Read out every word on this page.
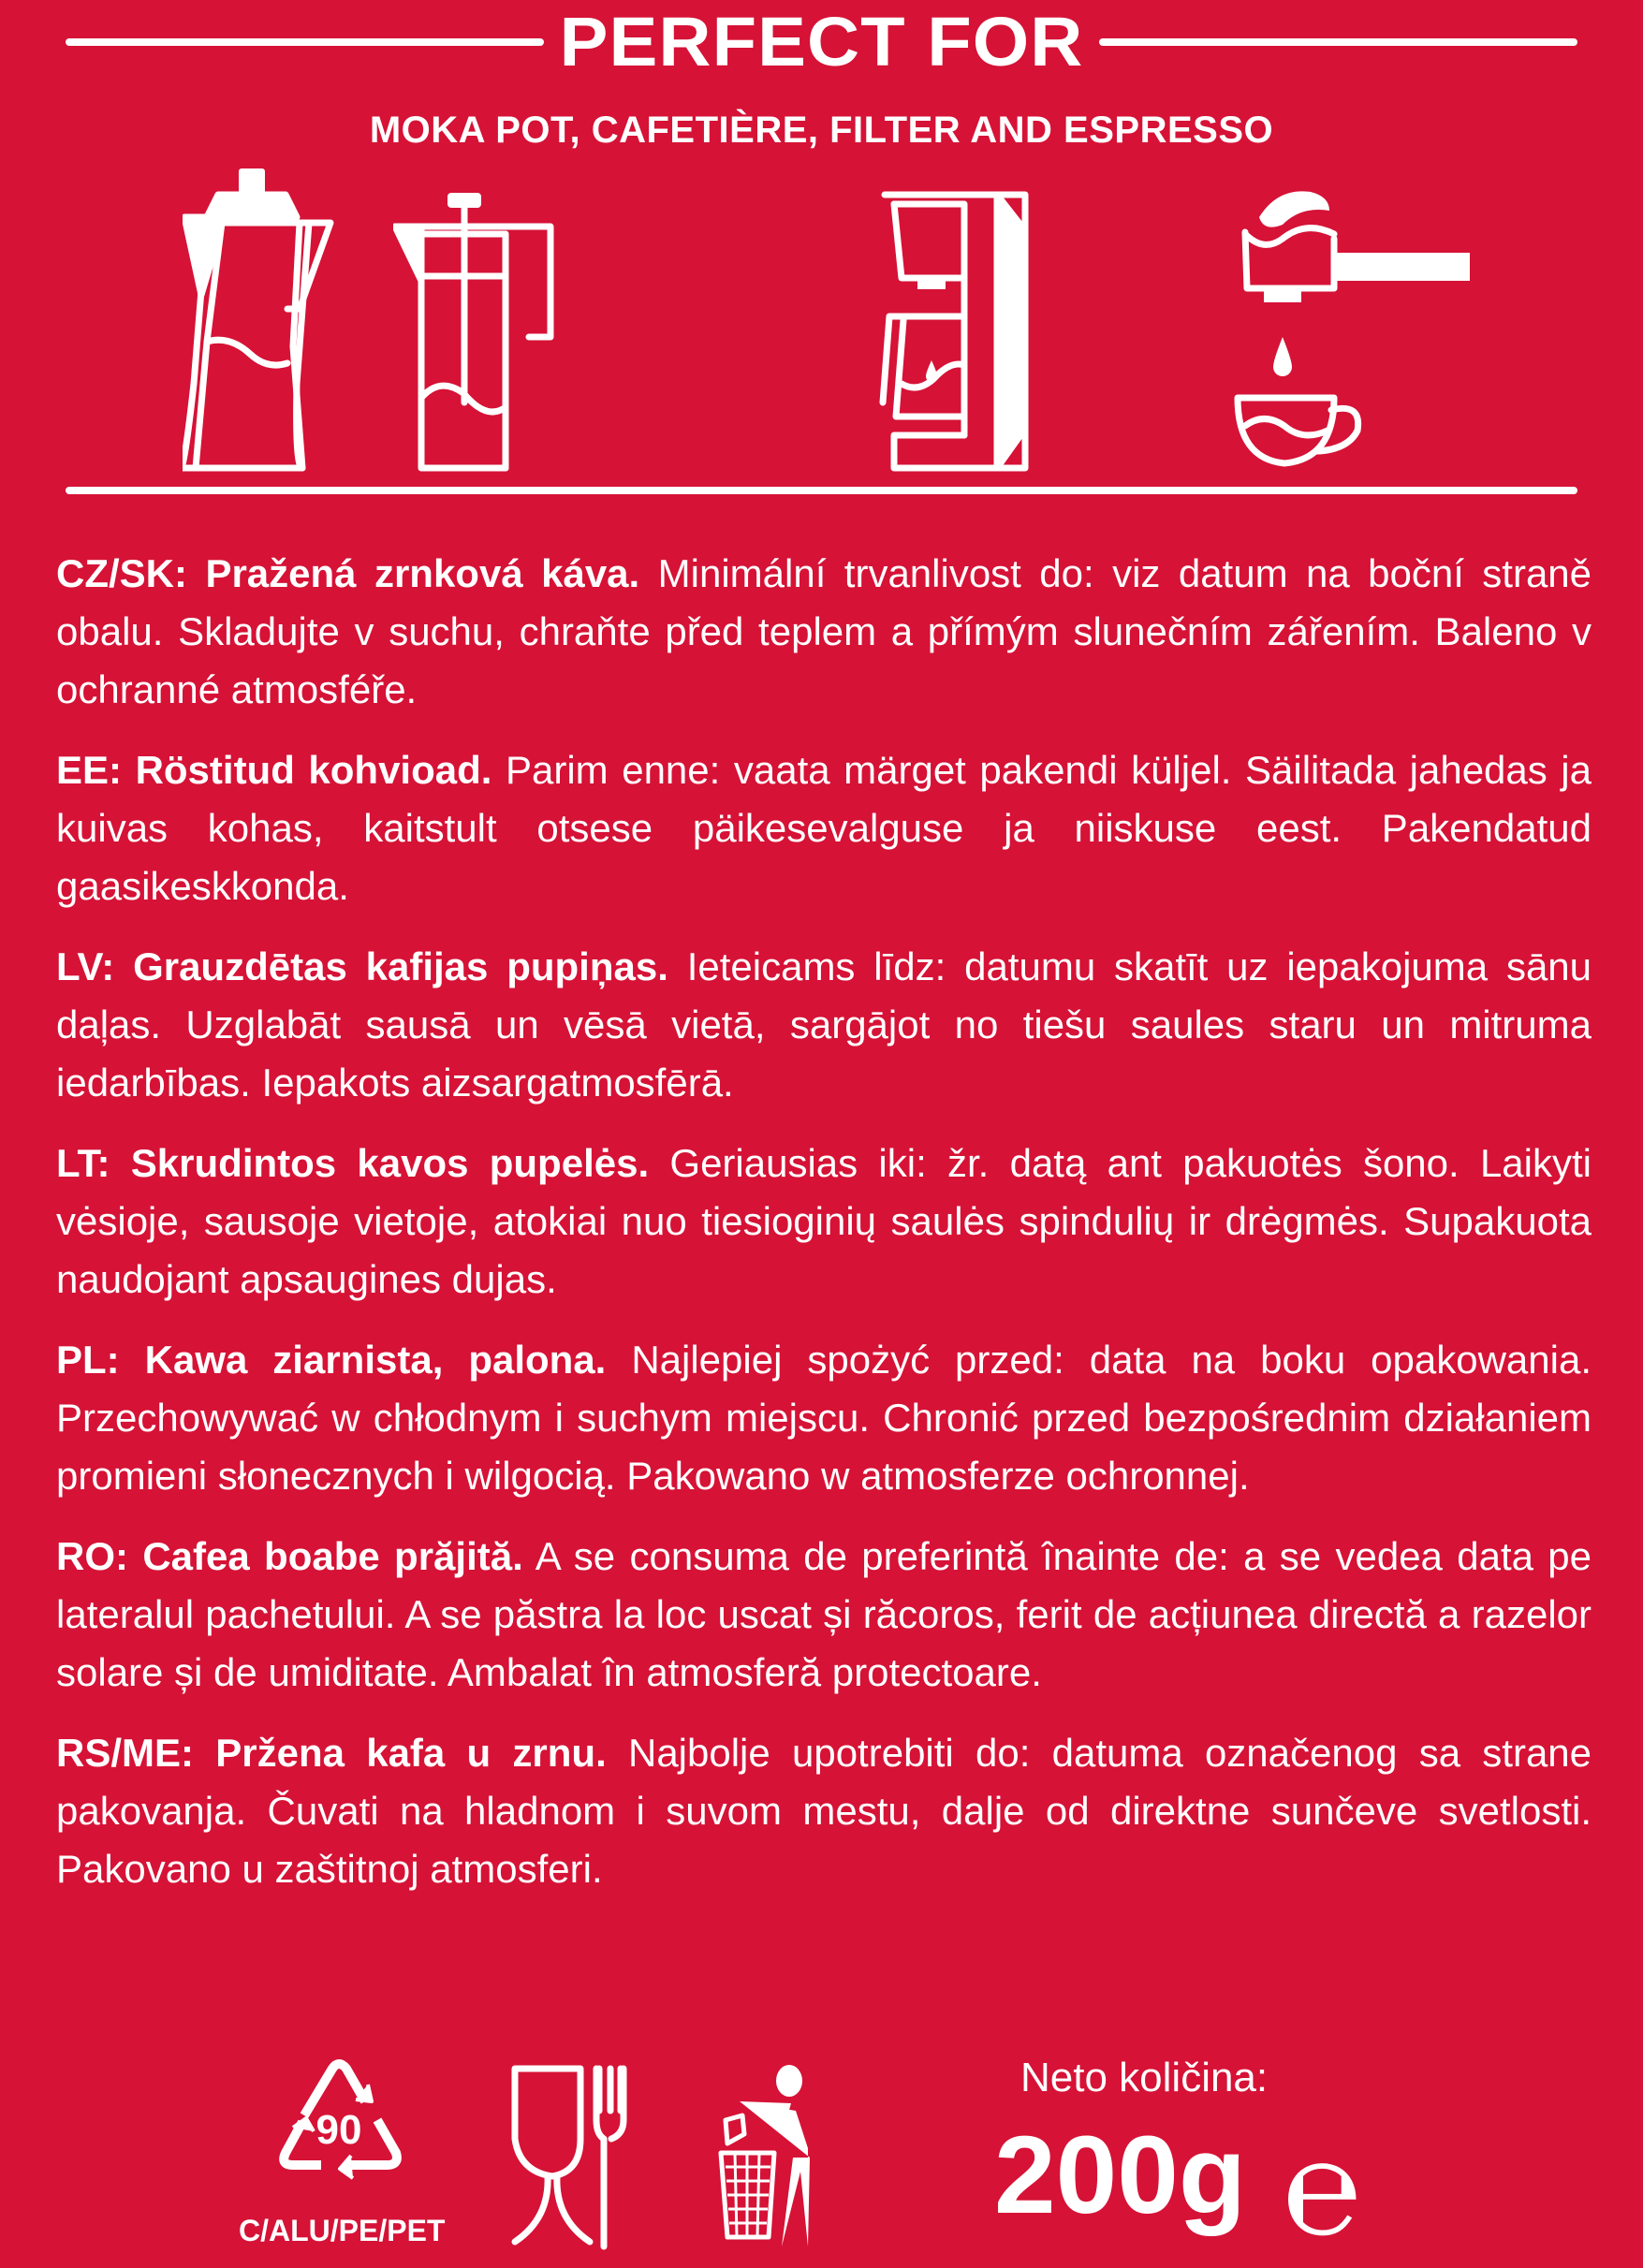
PERFECT FOR
MOKA POT, CAFETIÈRE, FILTER AND ESPRESSO

CZ/SK: Pražená zrnková káva. Minimální trvanlivost do: viz datum na boční straně obalu. Skladujte v suchu, chraňte před teplem a přímým slunečním zářením. Baleno v ochranné atmosféře.

EE: Röstitud kohvioad. Parim enne: vaata märget pakendi küljel. Säilitada jahedas ja kuivas kohas, kaitstult otsese päikesevalguse ja niiskuse eest. Pakendatud gaasikeskkonda.

LV: Grauzdētas kafijas pupiņas. Ieteicams līdz: datumu skatīt uz iepakojuma sānu daļas. Uzglabāt sausā un vēsā vietā, sargājot no tiešu saules staru un mitruma iedarbības. Iepakots aizsargatmosfērā.

LT: Skrudintos kavos pupelės. Geriausias iki: žr. datą ant pakuotės šono. Laikyti vėsioje, sausoje vietoje, atokiai nuo tiesioginių saulės spindulių ir drėgmės. Supakuota naudojant apsaugines dujas.

PL: Kawa ziarnista, palona. Najlepiej spożyć przed: data na boku opakowania. Przechowywać w chłodnym i suchym miejscu. Chronić przed bezpośrednim działaniem promieni słonecznych i wilgocią. Pakowano w atmosferze ochronnej.

RO: Cafea boabe prăjită. A se consuma de preferintă înainte de: a se vedea data pe lateralul pachetului. A se păstra la loc uscat și răcoros, ferit de acțiunea directă a razelor solare și de umiditate. Ambalat în atmosferă protectoare.

RS/ME: Pržena kafa u zrnu. Najbolje upotrebiti do: datuma označenog sa strane pakovanja. Čuvati na hladnom i suvom mestu, dalje od direktne sunčeve svetlosti. Pakovano u zaštitnoj atmosferi.

90
C/ALU/PE/PET
Neto količina:
200g ℮
